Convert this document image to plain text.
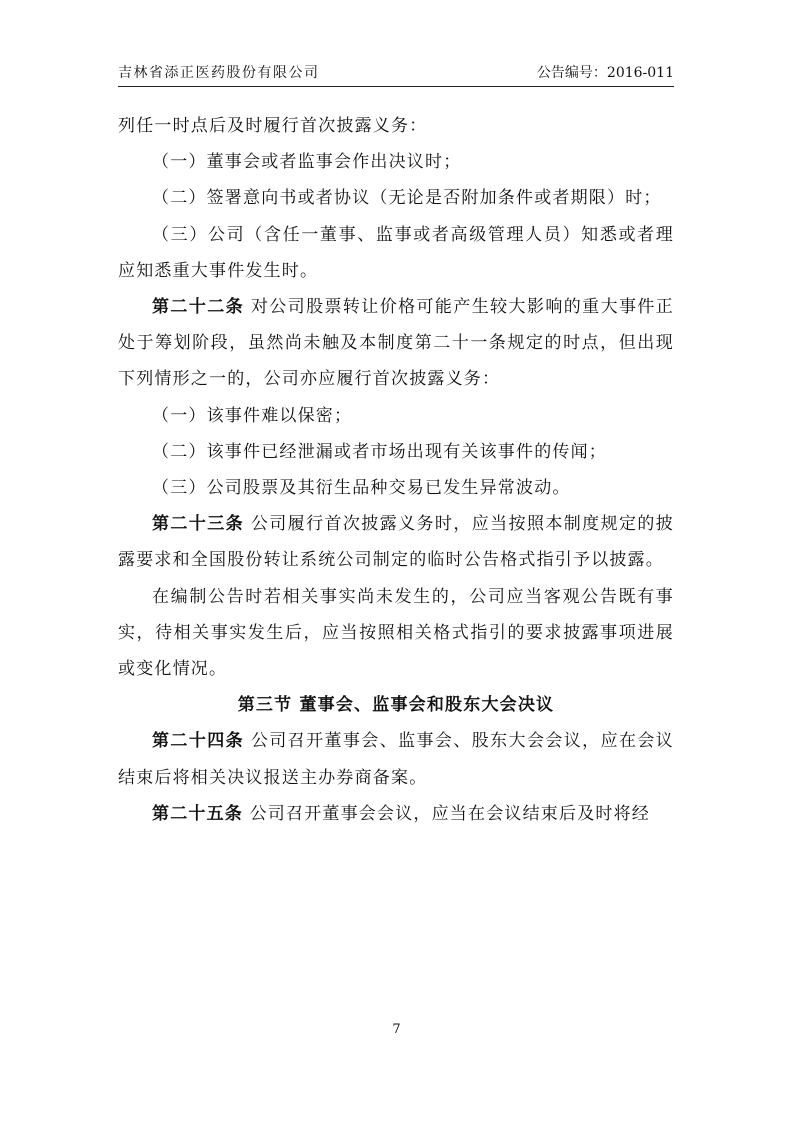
吉林省添正医药股份有限公司	公告编号：2016-011

列任一时点后及时履行首次披露义务：

（一）董事会或者监事会作出决议时；

（二）签署意向书或者协议（无论是否附加条件或者期限）时；

（三）公司（含任一董事、监事或者高级管理人员）知悉或者理应知悉重大事件发生时。

第二十二条 对公司股票转让价格可能产生较大影响的重大事件正处于筹划阶段，虽然尚未触及本制度第二十一条规定的时点，但出现下列情形之一的，公司亦应履行首次披露义务：

（一）该事件难以保密；

（二）该事件已经泄漏或者市场出现有关该事件的传闻；

（三）公司股票及其衍生品种交易已发生异常波动。

第二十三条 公司履行首次披露义务时，应当按照本制度规定的披露要求和全国股份转让系统公司制定的临时公告格式指引予以披露。

在编制公告时若相关事实尚未发生的，公司应当客观公告既有事实，待相关事实发生后，应当按照相关格式指引的要求披露事项进展或变化情况。

第三节 董事会、监事会和股东大会决议

第二十四条 公司召开董事会、监事会、股东大会会议，应在会议结束后将相关决议报送主办券商备案。

第二十五条 公司召开董事会会议，应当在会议结束后及时将经

7
